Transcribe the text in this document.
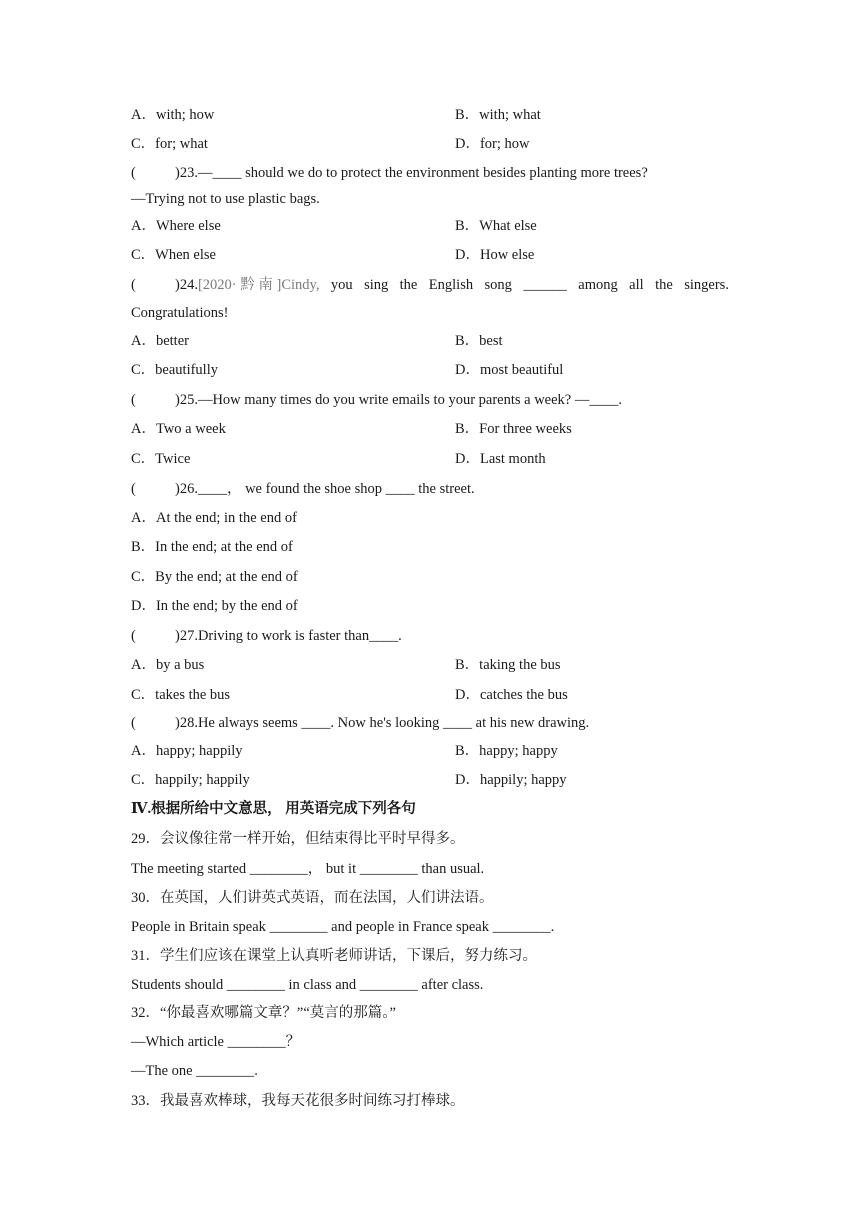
A．with; how	B．with; what
C．for; what	D．for; how
(	)23.—____ should we do to protect the environment besides planting more trees?
—Trying not to use plastic bags.
A．Where else	B．What else
C．When else	D．How else
(	)24.[2020· 黔 南 ]Cindy, you sing the English song ______ among all the singers.
Congratulations!
A．better	B．best
C．beautifully	D．most beautiful
(	)25.—How many times do you write emails to your parents a week? —____.
A．Two a week	B．For three weeks
C．Twice	D．Last month
(	)26.____， we found the shoe shop ____ the street.
A．At the end; in the end of
B．In the end; at the end of
C．By the end; at the end of
D．In the end; by the end of
(	)27.Driving to work is faster than____.
A．by a bus	B．taking the bus
C．takes the bus	D．catches the bus
(	)28.He always seems ____. Now he's looking ____ at his new drawing.
A．happy; happily	B．happy; happy
C．happily; happily	D．happily; happy
Ⅳ.根据所给中文意思， 用英语完成下列各句
29．会议像往常一样开始，但结束得比平时早得多。
The meeting started ________， but it ________ than usual.
30．在英国，人们讲英式英语，而在法国，人们讲法语。
People in Britain speak ________ and people in France speak ________.
31．学生们应该在课堂上认真听老师讲话，下课后，努力练习。
Students should ________ in class and ________ after class.
32．“你最喜欢哪篇文章？”“莫言的那篇。”
—Which article ________？
—The one ________.
33．我最喜欢棒球，我每天花很多时间练习打棒球。
